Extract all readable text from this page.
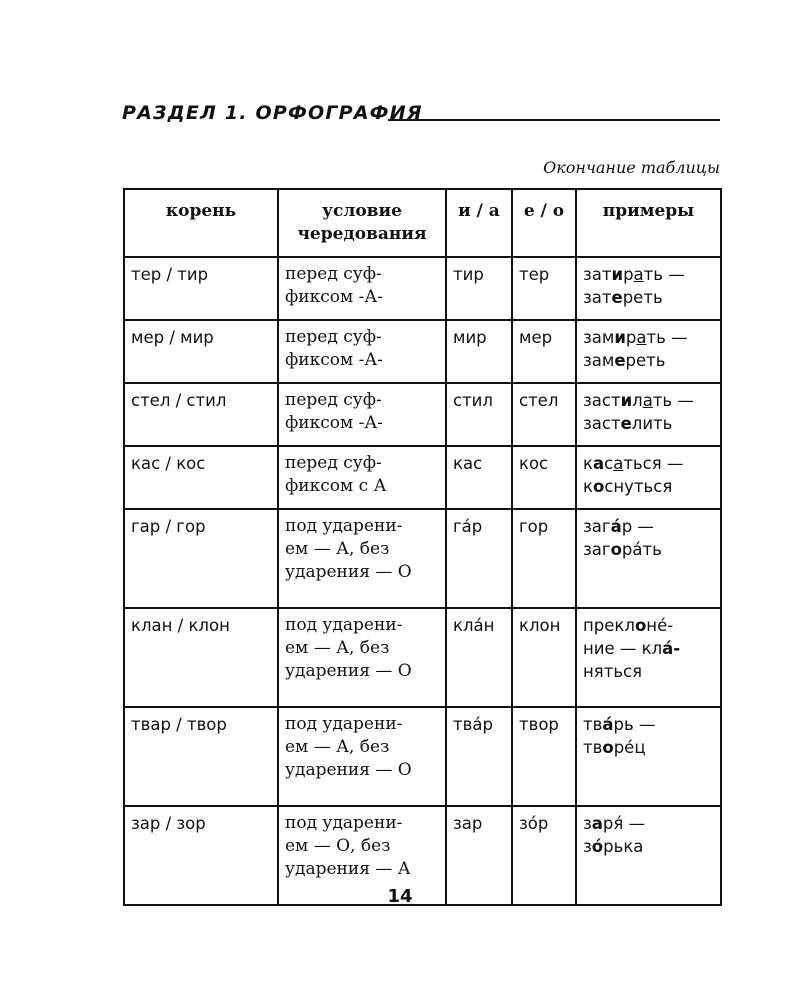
РАЗДЕЛ 1. ОРФОГРАФИЯ
Окончание таблицы
корень	условие
чередования	и / а	е / о	примеры
тер / тир	перед суф-
фиксом -А-	тир	тер	затирать —
затереть
мер / мир	перед суф-
фиксом -А-	мир	мер	замирать —
замереть
стел / стил	перед суф-
фиксом -А-	стил	стел	застилать —
застелить
кас / кос	перед суф-
фиксом с А	кас	кос	касаться —
коснуться
гар / гор	под ударени-
ем — А, без
ударения — О	га́р	гор	зага́р —
загора́ть
клан / клон	под ударени-
ем — А, без
ударения — О	кла́н	клон	преклоне́-
ние — кла́-
няться
твар / твор	под ударени-
ем — А, без
ударения — О	тва́р	твор	тва́рь —
творе́ц
зар / зор	под ударени-
ем — О, без
ударения — А	зар	зо́р	заря́ —
зо́рька
14
